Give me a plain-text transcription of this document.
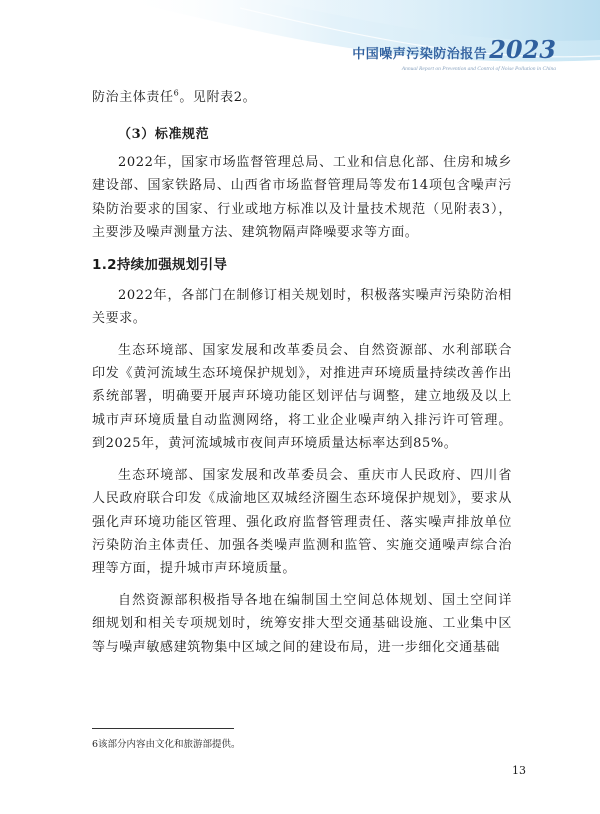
中国噪声污染防治报告 2023
Annual Report on Prevention and Control of Noise Pollution in China

防治主体责任$^6$。见附表2。

（3）标准规范

2022年，国家市场监督管理总局、工业和信息化部、住房和城乡建设部、国家铁路局、山西省市场监督管理局等发布14项包含噪声污染防治要求的国家、行业或地方标准以及计量技术规范（见附表3），主要涉及噪声测量方法、建筑物隔声降噪要求等方面。

1.2持续加强规划引导

2022年，各部门在制修订相关规划时，积极落实噪声污染防治相关要求。

生态环境部、国家发展和改革委员会、自然资源部、水利部联合印发《黄河流域生态环境保护规划》，对推进声环境质量持续改善作出系统部署，明确要开展声环境功能区划评估与调整，建立地级及以上城市声环境质量自动监测网络，将工业企业噪声纳入排污许可管理。到2025年，黄河流域城市夜间声环境质量达标率达到85%。

生态环境部、国家发展和改革委员会、重庆市人民政府、四川省人民政府联合印发《成渝地区双城经济圈生态环境保护规划》，要求从强化声环境功能区管理、强化政府监督管理责任、落实噪声排放单位污染防治主体责任、加强各类噪声监测和监管、实施交通噪声综合治理等方面，提升城市声环境质量。

自然资源部积极指导各地在编制国土空间总体规划、国土空间详细规划和相关专项规划时，统筹安排大型交通基础设施、工业集中区等与噪声敏感建筑物集中区域之间的建设布局，进一步细化交通基础

6该部分内容由文化和旅游部提供。
13
